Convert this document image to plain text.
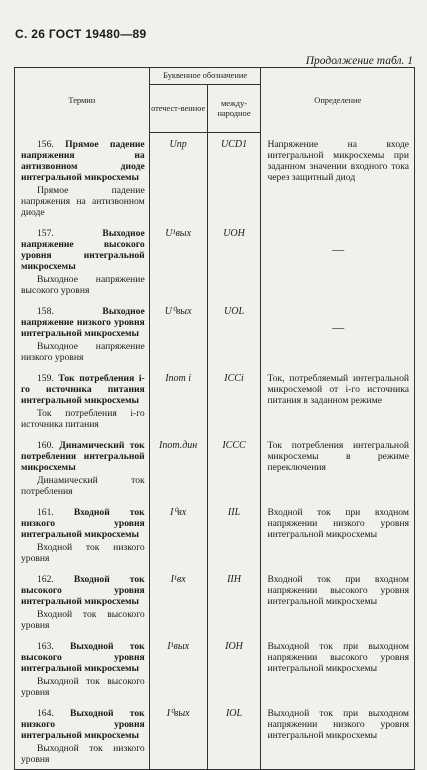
С. 26 ГОСТ 19480—89
Продолжение табл. 1
Термин	Буквенное обозначение		Определение
	отечест-венное	между-народное	

156. Прямое падение напряжения на антизвонном диоде интегральной микросхемы
Прямое падение напряжения на антизвонном диоде	Uпр	UCD1	Напряжение на входе интегральной микросхемы при заданном значении входного тока через защитный диод

157. Выходное напряжение высокого уровня интегральной микросхемы
Выходное напряжение высокого уровня	U¹вых	UOH	—

158. Выходное напряжение низкого уровня интегральной микросхемы
Выходное напряжение низкого уровня	U⁰вых	UOL	—

159. Ток потребления i-го источника питания интегральной микросхемы
Ток потребления i-го источника питания	Iпот i	ICCi	Ток, потребляемый интегральной микросхемой от i-го источника питания в заданном режиме

160. Динамический ток потребления интегральной микросхемы
Динамический ток потребления	Iпот.дин	ICCC	Ток потребления интегральной микросхемы в режиме переключения

161. Входной ток низкого уровня интегральной микросхемы
Входной ток низкого уровня	I⁰вх	IIL	Входной ток при входном напряжении низкого уровня интегральной микросхемы

162. Входной ток высокого уровня интегральной микросхемы
Входной ток высокого уровня	I¹вх	IIH	Входной ток при входном напряжении высокого уровня интегральной микросхемы

163. Выходной ток высокого уровня интегральной микросхемы
Выходной ток высокого уровня	I¹вых	IOH	Выходной ток при выходном напряжении высокого уровня интегральной микросхемы

164. Выходной ток низкого уровня интегральной микросхемы
Выходной ток низкого уровня	I⁰вых	IOL	Выходной ток при выходном напряжении низкого уровня интегральной микросхемы
